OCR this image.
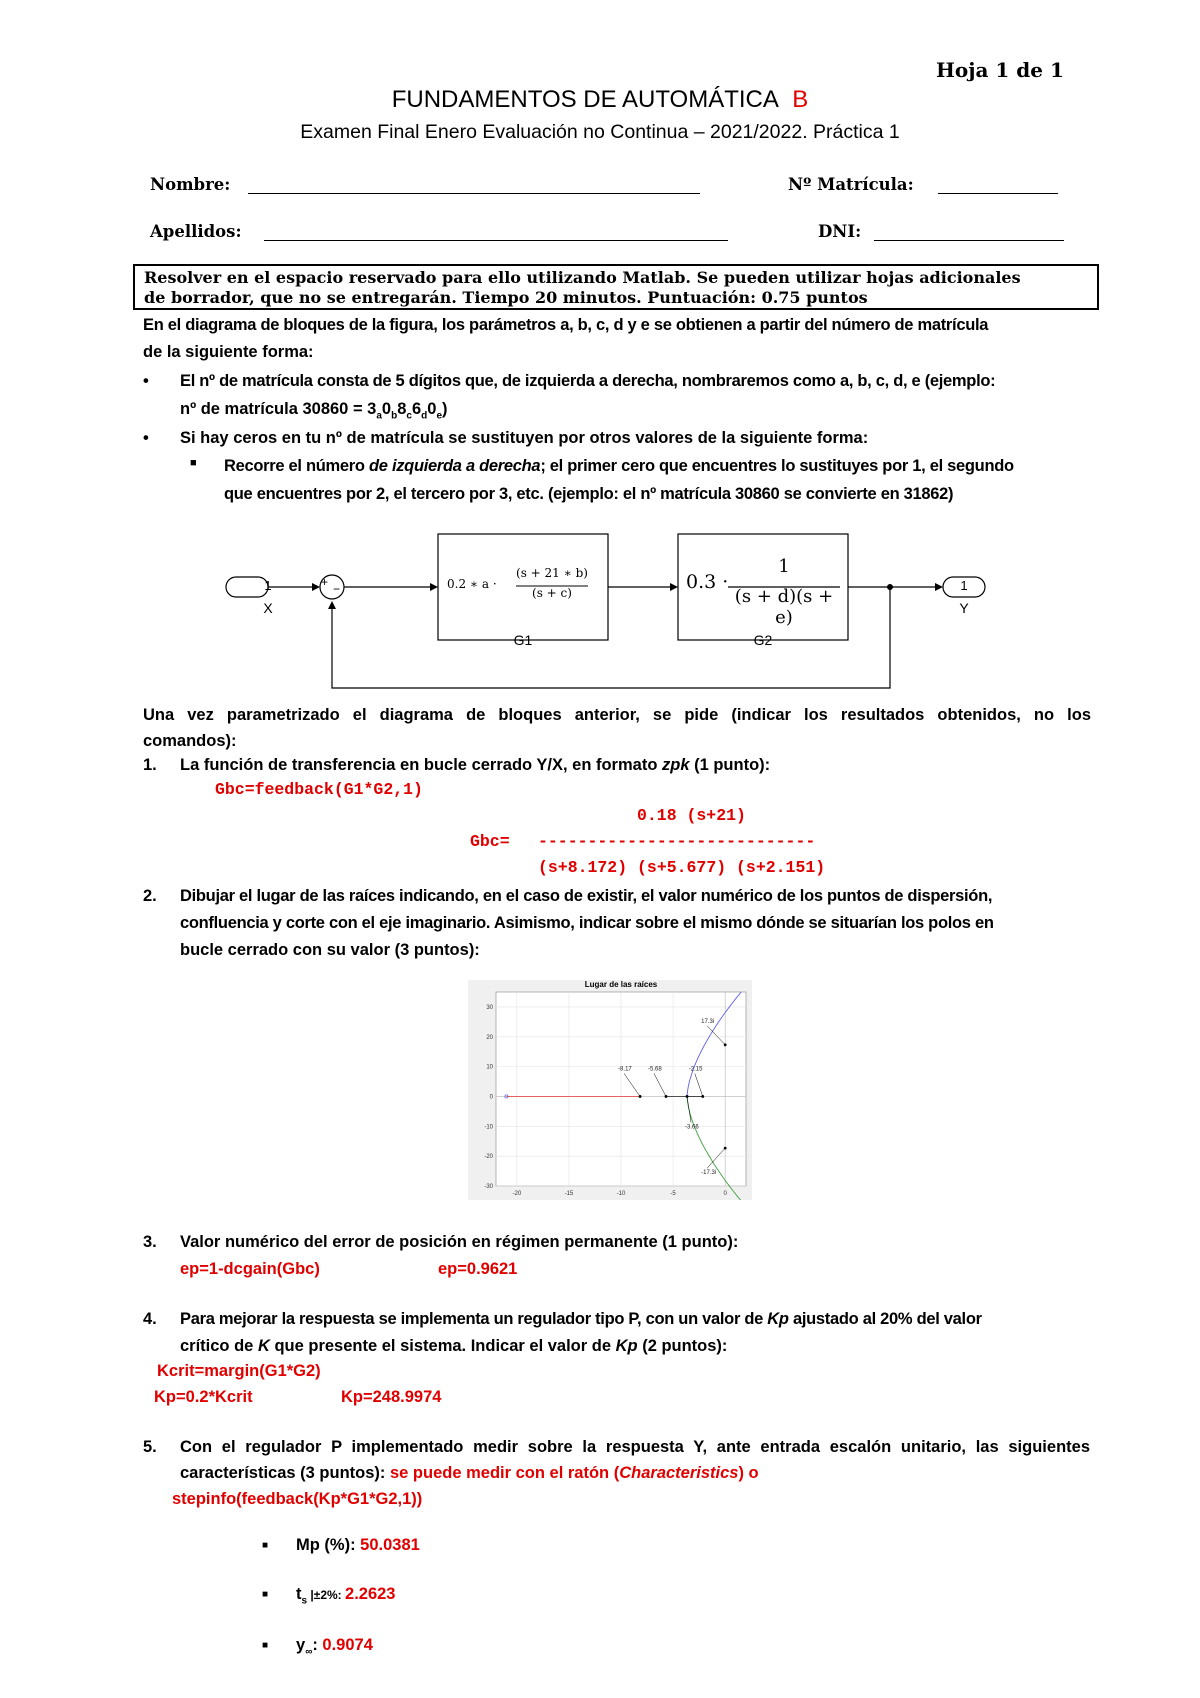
Hoja 1 de 1
FUNDAMENTOS DE AUTOMÁTICA B
Examen Final Enero Evaluación no Continua – 2021/2022. Práctica 1
Nombre:	Nº Matrícula:
Apellidos:	DNI:
Resolver en el espacio reservado para ello utilizando Matlab. Se pueden utilizar hojas adicionales
de borrador, que no se entregarán. Tiempo 20 minutos. Puntuación: 0.75 puntos
En el diagrama de bloques de la figura, los parámetros a, b, c, d y e se obtienen a partir del número de matrícula
de la siguiente forma:
• El nº de matrícula consta de 5 dígitos que, de izquierda a derecha, nombraremos como a, b, c, d, e (ejemplo:
nº de matrícula $30860 = 3_a0_b8_c6_d0_e$)
• Si hay ceros en tu nº de matrícula se sustituyen por otros valores de la siguiente forma:
■ Recorre el número de izquierda a derecha; el primer cero que encuentres lo sustituyes por 1, el segundo
que encuentres por 2, el tercero por 3, etc. (ejemplo: el nº matrícula 30860 se convierte en 31862)
1
X
+ −	0.2 ∗ a ·
(s + 21 ∗ b)
(s + c)
G1
0.3 ·
1
(s + d)(s + e)
G2
1
Y
Una vez parametrizado el diagrama de bloques anterior, se pide (indicar los resultados obtenidos, no los
comandos):
1. La función de transferencia en bucle cerrado Y/X, en formato zpk (1 punto):
Gbc=feedback(G1*G2,1)
0.18 (s+21)
Gbc= ----------------------------
(s+8.172) (s+5.677) (s+2.151)
2. Dibujar el lugar de las raíces indicando, en el caso de existir, el valor numérico de los puntos de dispersión,
confluencia y corte con el eje imaginario. Asimismo, indicar sobre el mismo dónde se situarían los polos en
bucle cerrado con su valor (3 puntos):
-20	-15	-10	-5	0
30
20
10
0
-10
-20
-30
17.3i
-8.17	-5.68	-2.15
-3.66
-17.3i
Lugar de las raíces
3. Valor numérico del error de posición en régimen permanente (1 punto):
ep=1-dcgain(Gbc)	ep=0.9621
4. Para mejorar la respuesta se implementa un regulador tipo P, con un valor de Kp ajustado al 20% del valor
crítico de K que presente el sistema. Indicar el valor de Kp (2 puntos):
Kcrit=margin(G1*G2)
Kp=0.2*Kcrit	Kp=248.9974
5. Con el regulador P implementado medir sobre la respuesta Y, ante entrada escalón unitario, las siguientes
características (3 puntos): se puede medir con el ratón (Characteristics) o
stepinfo(feedback(Kp*G1*G2,1))
■ Mp (%): 50.0381
■ $t_s$ |±2%: 2.2623
■ $y_\infty$: 0.9074
